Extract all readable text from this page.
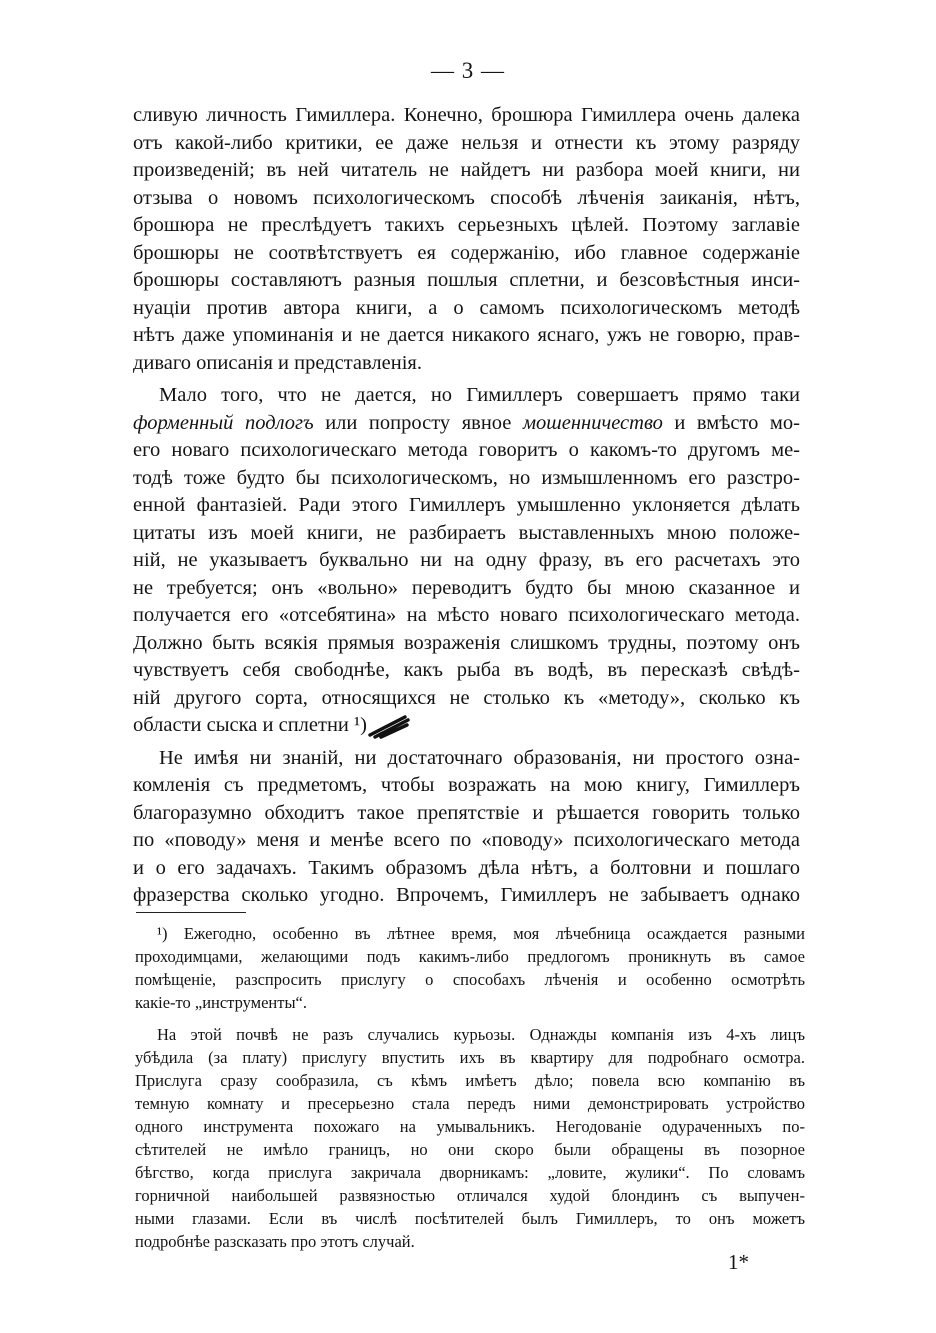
— 3 —
сливую личность Гимиллера. Конечно, брошюра Гимиллера очень далека
отъ какой-либо критики, ее даже нельзя и отнести къ этому разряду
произведеній; въ ней читатель не найдетъ ни разбора моей книги, ни
отзыва о новомъ психологическомъ способѣ лѣченія заиканія, нѣтъ,
брошюра не преслѣдуетъ такихъ серьезныхъ цѣлей. Поэтому заглавіе
брошюры не соотвѣтствуетъ ея содержанію, ибо главное содержаніе
брошюры составляютъ разныя пошлыя сплетни, и безсовѣстныя инси-
нуаціи против автора книги, а о самомъ психологическомъ методѣ
нѣтъ даже упоминанія и не дается никакого яснаго, ужъ не говорю, прав-
диваго описанія и представленія.
Мало того, что не дается, но Гимиллеръ совершаетъ прямо таки
форменный подлогъ или попросту явное мошенничество и вмѣсто мо-
его новаго психологическаго метода говоритъ о какомъ-то другомъ ме-
тодѣ тоже будто бы психологическомъ, но измышленномъ его разстро-
енной фантазіей. Ради этого Гимиллеръ умышленно уклоняется дѣлать
цитаты изъ моей книги, не разбираетъ выставленныхъ мною положе-
ній, не указываетъ буквально ни на одну фразу, въ его расчетахъ это
не требуется; онъ «вольно» переводитъ будто бы мною сказанное и
получается его «отсебятина» на мѣсто новаго психологическаго метода.
Должно быть всякія прямыя возраженія слишкомъ трудны, поэтому онъ
чувствуетъ себя свободнѣе, какъ рыба въ водѣ, въ пересказѣ свѣдѣ-
ній другого сорта, относящихся не столько къ «методу», сколько къ
области сыска и сплетни ¹)
Не имѣя ни знаній, ни достаточнаго образованія, ни простого озна-
комленія съ предметомъ, чтобы возражать на мою книгу, Гимиллеръ
благоразумно обходитъ такое препятствіе и рѣшается говорить только
по «поводу» меня и менѣе всего по «поводу» психологическаго метода
и о его задачахъ. Такимъ образомъ дѣла нѣтъ, а болтовни и пошлаго
фразерства сколько угодно. Впрочемъ, Гимиллеръ не забываетъ однако
¹) Ежегодно, особенно въ лѣтнее время, моя лѣчебница осаждается разными
проходимцами, желающими подъ какимъ-либо предлогомъ проникнуть въ самое
помѣщеніе, разспросить прислугу о способахъ лѣченія и особенно осмотрѣть
какіе-то „инструменты“.
На этой почвѣ не разъ случались курьозы. Однажды компанія изъ 4-хъ лицъ
убѣдила (за плату) прислугу впустить ихъ въ квартиру для подробнаго осмотра.
Прислуга сразу сообразила, съ кѣмъ имѣетъ дѣло; повела всю компанію въ
темную комнату и пресерьезно стала передъ ними демонстрировать устройство
одного инструмента похожаго на умывальникъ. Негодованіе одураченныхъ по-
сѣтителей не имѣло границъ, но они скоро были обращены въ позорное
бѣгство, когда прислуга закричала дворникамъ: „ловите, жулики“. По словамъ
горничной наибольшей развязностью отличался худой блондинъ съ выпучен-
ными глазами. Если въ числѣ посѣтителей былъ Гимиллеръ, то онъ можетъ
подробнѣе разсказать про этотъ случай.
1*
